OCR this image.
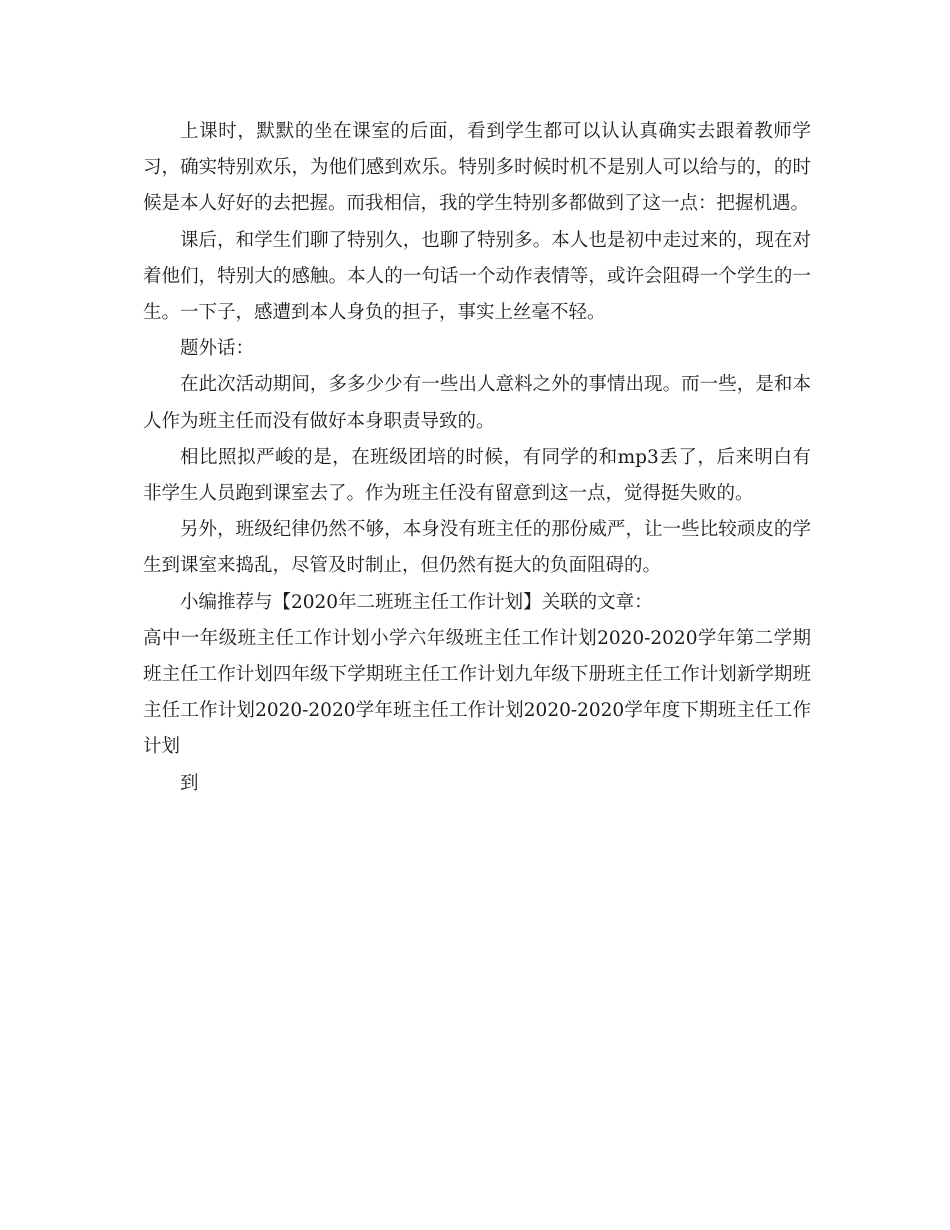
上课时，默默的坐在课室的后面，看到学生都可以认认真确实去跟着教师学习，确实特别欢乐，为他们感到欢乐。特别多时候时机不是别人可以给与的，的时候是本人好好的去把握。而我相信，我的学生特别多都做到了这一点：把握机遇。

课后，和学生们聊了特别久，也聊了特别多。本人也是初中走过来的，现在对着他们，特别大的感触。本人的一句话一个动作表情等，或许会阻碍一个学生的一生。一下子，感遭到本人身负的担子，事实上丝毫不轻。

题外话：

在此次活动期间，多多少少有一些出人意料之外的事情出现。而一些，是和本人作为班主任而没有做好本身职责导致的。

相比照拟严峻的是，在班级团培的时候，有同学的和mp3丢了，后来明白有非学生人员跑到课室去了。作为班主任没有留意到这一点，觉得挺失败的。

另外，班级纪律仍然不够，本身没有班主任的那份威严，让一些比较顽皮的学生到课室来捣乱，尽管及时制止，但仍然有挺大的负面阻碍的。

小编推荐与【2020年二班班主任工作计划】关联的文章：

高中一年级班主任工作计划小学六年级班主任工作计划2020-2020学年第二学期班主任工作计划四年级下学期班主任工作计划九年级下册班主任工作计划新学期班主任工作计划2020-2020学年班主任工作计划2020-2020学年度下期班主任工作计划

到
